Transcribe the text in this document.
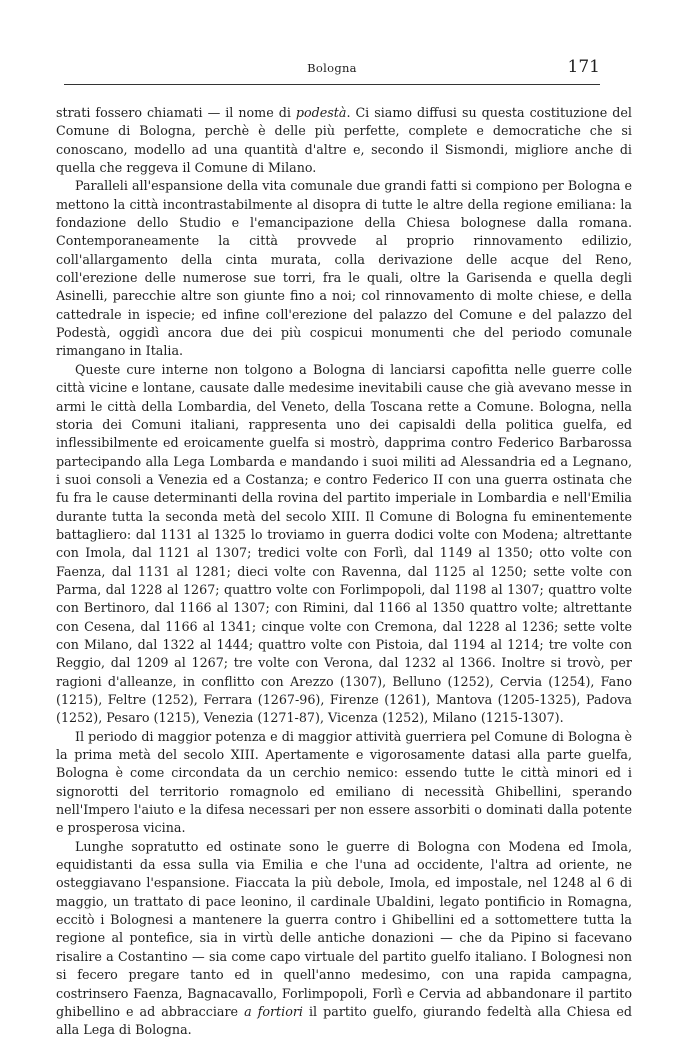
Bologna	171

strati fossero chiamati — il nome di podestà. Ci siamo diffusi su questa costituzione del Comune di Bologna, perchè è delle più perfette, complete e democratiche che si conoscano, modello ad una quantità d'altre e, secondo il Sismondi, migliore anche di quella che reggeva il Comune di Milano.

Paralleli all'espansione della vita comunale due grandi fatti si compiono per Bologna e mettono la città incontrastabilmente al disopra di tutte le altre della regione emiliana: la fondazione dello Studio e l'emancipazione della Chiesa bolognese dalla romana. Contemporaneamente la città provvede al proprio rinnovamento edilizio, coll'allargamento della cinta murata, colla derivazione delle acque del Reno, coll'erezione delle numerose sue torri, fra le quali, oltre la Garisenda e quella degli Asinelli, parecchie altre son giunte fino a noi; col rinnovamento di molte chiese, e della cattedrale in ispecie; ed infine coll'erezione del palazzo del Comune e del palazzo del Podestà, oggidì ancora due dei più cospicui monumenti che del periodo comunale rimangano in Italia.

Queste cure interne non tolgono a Bologna di lanciarsi capofitta nelle guerre colle città vicine e lontane, causate dalle medesime inevitabili cause che già avevano messe in armi le città della Lombardia, del Veneto, della Toscana rette a Comune. Bologna, nella storia dei Comuni italiani, rappresenta uno dei capisaldi della politica guelfa, ed inflessibilmente ed eroicamente guelfa si mostrò, dapprima contro Federico Barbarossa partecipando alla Lega Lombarda e mandando i suoi militi ad Alessandria ed a Legnano, i suoi consoli a Venezia ed a Costanza; e contro Federico II con una guerra ostinata che fu fra le cause determinanti della rovina del partito imperiale in Lombardia e nell'Emilia durante tutta la seconda metà del secolo XIII. Il Comune di Bologna fu eminentemente battagliero: dal 1131 al 1325 lo troviamo in guerra dodici volte con Modena; altrettante con Imola, dal 1121 al 1307; tredici volte con Forlì, dal 1149 al 1350; otto volte con Faenza, dal 1131 al 1281; dieci volte con Ravenna, dal 1125 al 1250; sette volte con Parma, dal 1228 al 1267; quattro volte con Forlimpopoli, dal 1198 al 1307; quattro volte con Bertinoro, dal 1166 al 1307; con Rimini, dal 1166 al 1350 quattro volte; altrettante con Cesena, dal 1166 al 1341; cinque volte con Cremona, dal 1228 al 1236; sette volte con Milano, dal 1322 al 1444; quattro volte con Pistoia, dal 1194 al 1214; tre volte con Reggio, dal 1209 al 1267; tre volte con Verona, dal 1232 al 1366. Inoltre si trovò, per ragioni d'alleanze, in conflitto con Arezzo (1307), Belluno (1252), Cervia (1254), Fano (1215), Feltre (1252), Ferrara (1267-96), Firenze (1261), Mantova (1205-1325), Padova (1252), Pesaro (1215), Venezia (1271-87), Vicenza (1252), Milano (1215-1307).

Il periodo di maggior potenza e di maggior attività guerriera pel Comune di Bologna è la prima metà del secolo XIII. Apertamente e vigorosamente datasi alla parte guelfa, Bologna è come circondata da un cerchio nemico: essendo tutte le città minori ed i signorotti del territorio romagnolo ed emiliano di necessità Ghibellini, sperando nell'Impero l'aiuto e la difesa necessari per non essere assorbiti o dominati dalla potente e prosperosa vicina.

Lunghe sopratutto ed ostinate sono le guerre di Bologna con Modena ed Imola, equidistanti da essa sulla via Emilia e che l'una ad occidente, l'altra ad oriente, ne osteggiavano l'espansione. Fiaccata la più debole, Imola, ed impostale, nel 1248 al 6 di maggio, un trattato di pace leonino, il cardinale Ubaldini, legato pontificio in Romagna, eccitò i Bolognesi a mantenere la guerra contro i Ghibellini ed a sottomettere tutta la regione al pontefice, sia in virtù delle antiche donazioni — che da Pipino si facevano risalire a Costantino — sia come capo virtuale del partito guelfo italiano. I Bolognesi non si fecero pregare tanto ed in quell'anno medesimo, con una rapida campagna, costrinsero Faenza, Bagnacavallo, Forlimpopoli, Forlì e Cervia ad abbandonare il partito ghibellino e ad abbracciare a fortiori il partito guelfo, giurando fedeltà alla Chiesa ed alla Lega di Bologna.
